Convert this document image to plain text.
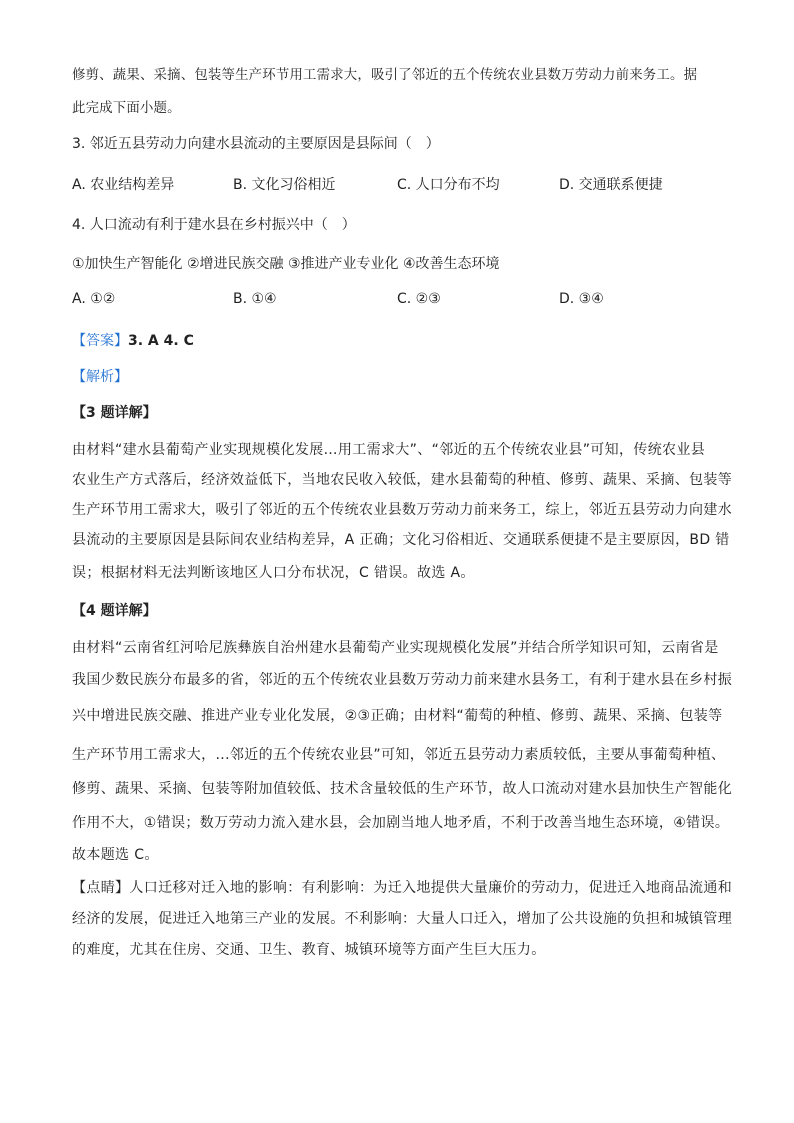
修剪、蔬果、采摘、包装等生产环节用工需求大，吸引了邻近的五个传统农业县数万劳动力前来务工。据
此完成下面小题。
3. 邻近五县劳动力向建水县流动的主要原因是县际间（　）
A. 农业结构差异	B. 文化习俗相近	C. 人口分布不均	D. 交通联系便捷
4. 人口流动有利于建水县在乡村振兴中（　）
①加快生产智能化 ②增进民族交融 ③推进产业专业化 ④改善生态环境
A. ①②	B. ①④	C. ②③	D. ③④
【答案】3. A 4. C
【解析】
【3 题详解】
由材料“建水县葡萄产业实现规模化发展…用工需求大”、“邻近的五个传统农业县”可知，传统农业县
农业生产方式落后，经济效益低下，当地农民收入较低，建水县葡萄的种植、修剪、蔬果、采摘、包装等
生产环节用工需求大，吸引了邻近的五个传统农业县数万劳动力前来务工，综上，邻近五县劳动力向建水
县流动的主要原因是县际间农业结构差异，A 正确；文化习俗相近、交通联系便捷不是主要原因，BD 错
误；根据材料无法判断该地区人口分布状况，C 错误。故选 A。
【4 题详解】
由材料“云南省红河哈尼族彝族自治州建水县葡萄产业实现规模化发展”并结合所学知识可知，云南省是
我国少数民族分布最多的省，邻近的五个传统农业县数万劳动力前来建水县务工，有利于建水县在乡村振
兴中增进民族交融、推进产业专业化发展，②③正确；由材料“葡萄的种植、修剪、蔬果、采摘、包装等
生产环节用工需求大，...邻近的五个传统农业县”可知，邻近五县劳动力素质较低，主要从事葡萄种植、
修剪、蔬果、采摘、包装等附加值较低、技术含量较低的生产环节，故人口流动对建水县加快生产智能化
作用不大，①错误；数万劳动力流入建水县，会加剧当地人地矛盾，不利于改善当地生态环境，④错误。
故本题选 C。
【点睛】人口迁移对迁入地的影响：有利影响：为迁入地提供大量廉价的劳动力，促进迁入地商品流通和
经济的发展，促进迁入地第三产业的发展。不利影响：大量人口迁入，增加了公共设施的负担和城镇管理
的难度，尤其在住房、交通、卫生、教育、城镇环境等方面产生巨大压力。
